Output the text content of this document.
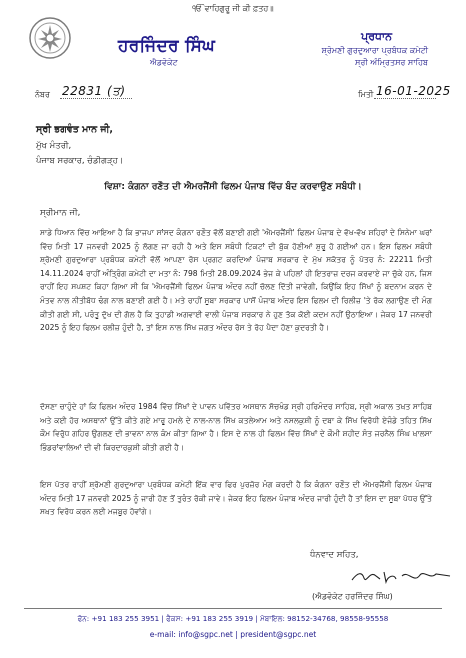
ੴ ਵਾਹਿਗੁਰੂ ਜੀ ਕੀ ਫ਼ਤਹ॥
ਹਰਜਿੰਦਰ ਸਿੰਘ
ਐਡਵੋਕੇਟ
ਪ੍ਰਧਾਨ
ਸ਼੍ਰੋਮਣੀ ਗੁਰਦੁਆਰਾ ਪ੍ਰਬੰਧਕ ਕਮੇਟੀ
ਸ੍ਰੀ ਅੰਮ੍ਰਿਤਸਰ ਸਾਹਿਬ
ਨੰਬਰ 22831 (ਤ)	ਮਿਤੀ 16-01-2025
ਸ੍ਰੀ ਭਗਵੰਤ ਮਾਨ ਜੀ,
ਮੁੱਖ ਮੰਤਰੀ,
ਪੰਜਾਬ ਸਰਕਾਰ, ਚੰਡੀਗੜ੍ਹ।
ਵਿਸ਼ਾ: ਕੰਗਨਾ ਰਣੌਤ ਦੀ ਐਮਰਜੈਂਸੀ ਫਿਲਮ ਪੰਜਾਬ ਵਿੱਚ ਬੰਦ ਕਰਵਾਉਣ ਸਬੰਧੀ।
ਸ੍ਰੀਮਾਨ ਜੀ,
ਸਾਡੇ ਧਿਆਨ ਵਿੱਚ ਆਇਆ ਹੈ ਕਿ ਭਾਜਪਾ ਸਾਂਸਦ ਕੰਗਨਾ ਰਣੌਤ ਵੱਲੋਂ ਬਣਾਈ ਗਈ 'ਐਮਰਜੈਂਸੀ' ਫਿਲਮ ਪੰਜਾਬ ਦੇ ਵੱਖ-ਵੱਖ ਸ਼ਹਿਰਾਂ ਦੇ ਸਿਨੇਮਾ ਘਰਾਂ ਵਿੱਚ ਮਿਤੀ 17 ਜਨਵਰੀ 2025 ਨੂੰ ਲੱਗਣ ਜਾ ਰਹੀ ਹੈ ਅਤੇ ਇਸ ਸਬੰਧੀ ਟਿਕਟਾਂ ਦੀ ਬੁੱਕ ਹੋਣੀਆਂ ਸ਼ੁਰੂ ਹੋ ਗਈਆਂ ਹਨ। ਇਸ ਫਿਲਮ ਸਬੰਧੀ ਸ਼੍ਰੋਮਣੀ ਗੁਰਦੁਆਰਾ ਪ੍ਰਬੰਧਕ ਕਮੇਟੀ ਵੱਲੋਂ ਆਪਣਾ ਰੋਸ ਪ੍ਰਗਟ ਕਰਦਿਆਂ ਪੰਜਾਬ ਸਰਕਾਰ ਦੇ ਮੁੱਖ ਸਕੱਤਰ ਨੂੰ ਪੱਤਰ ਨੰ: 22211 ਮਿਤੀ 14.11.2024 ਰਾਹੀਂ ਅੰਤ੍ਰਿੰਗ ਕਮੇਟੀ ਦਾ ਮਤਾ ਨੰ: 798 ਮਿਤੀ 28.09.2024 ਭੇਜ ਕੇ ਪਹਿਲਾਂ ਹੀ ਇਤਰਾਜ਼ ਦਰਜ ਕਰਵਾਏ ਜਾ ਚੁੱਕੇ ਹਨ, ਜਿਸ ਰਾਹੀਂ ਇਹ ਸਪਸ਼ਟ ਕਿਹਾ ਗਿਆ ਸੀ ਕਿ 'ਐਮਰਜੈਂਸੀ ਫਿਲਮ ਪੰਜਾਬ ਅੰਦਰ ਨਹੀਂ ਚੱਲਣ ਦਿੱਤੀ ਜਾਵੇਗੀ, ਕਿਉਂਕਿ ਇਹ ਸਿੱਖਾਂ ਨੂੰ ਬਦਨਾਮ ਕਰਨ ਦੇ ਮੰਤਵ ਨਾਲ ਨੀਤੀਬੱਧ ਢੰਗ ਨਾਲ ਬਣਾਈ ਗਈ ਹੈ। ਮਤੇ ਰਾਹੀਂ ਸੂਬਾ ਸਰਕਾਰ ਪਾਸੋਂ ਪੰਜਾਬ ਅੰਦਰ ਇਸ ਫਿਲਮ ਦੀ ਰਿਲੀਜ਼ 'ਤੇ ਰੋਕ ਲਗਾਉਣ ਦੀ ਮੰਗ ਕੀਤੀ ਗਈ ਸੀ, ਪਰੰਤੂ ਦੁੱਖ ਦੀ ਗੱਲ ਹੈ ਕਿ ਤੁਹਾਡੀ ਅਗਵਾਈ ਵਾਲੀ ਪੰਜਾਬ ਸਰਕਾਰ ਨੇ ਹੁਣ ਤੱਕ ਕੋਈ ਕਦਮ ਨਹੀਂ ਉਠਾਇਆ। ਜੇਕਰ 17 ਜਨਵਰੀ 2025 ਨੂੰ ਇਹ ਫਿਲਮ ਰਲੀਜ਼ ਹੁੰਦੀ ਹੈ, ਤਾਂ ਇਸ ਨਾਲ ਸਿੱਖ ਜਗਤ ਅੰਦਰ ਰੋਸ ਤੇ ਰੋਹ ਪੈਦਾ ਹੋਣਾ ਕੁਦਰਤੀ ਹੈ।
ਦੱਸਣਾ ਚਾਹੁੰਦੇ ਹਾਂ ਕਿ ਫਿਲਮ ਅੰਦਰ 1984 ਵਿੱਚ ਸਿੱਖਾਂ ਦੇ ਪਾਵਨ ਪਵਿੱਤਰ ਅਸਥਾਨ ਸੱਚਖੰਡ ਸ੍ਰੀ ਹਰਿਮੰਦਰ ਸਾਹਿਬ, ਸ੍ਰੀ ਅਕਾਲ ਤਖ਼ਤ ਸਾਹਿਬ ਅਤੇ ਕਈ ਹੋਰ ਅਸਥਾਨਾਂ ਉੱਤੇ ਕੀਤੇ ਗਏ ਮਾਰੂ ਹਮਲੇ ਦੇ ਨਾਲ-ਨਾਲ ਸਿੱਖ ਕਤਲੇਆਮ ਅਤੇ ਨਸਲਕੁਸ਼ੀ ਨੂੰ ਦਬਾ ਕੇ ਸਿੱਖ ਵਿਰੋਧੀ ਏਜੰਡੇ ਤਹਿਤ ਸਿੱਖ ਕੌਮ ਵਿਰੁੱਧ ਗਹਿਰ ਉਗਲਣ ਦੀ ਭਾਵਨਾ ਨਾਲ ਕੰਮ ਕੀਤਾ ਗਿਆ ਹੈ। ਇਸ ਦੇ ਨਾਲ ਹੀ ਫਿਲਮ ਵਿੱਚ ਸਿੱਖਾਂ ਦੇ ਕੌਮੀ ਸ਼ਹੀਦ ਸੰਤ ਜਰਨੈਲ ਸਿੰਘ ਖ਼ਾਲਸਾ ਭਿੰਡਰਾਂਵਾਲਿਆਂ ਦੀ ਵੀ ਕਿਰਦਾਰਕੁਸ਼ੀ ਕੀਤੀ ਗਈ ਹੈ।
ਇਸ ਪੱਤਰ ਰਾਹੀਂ ਸ਼੍ਰੋਮਣੀ ਗੁਰਦੁਆਰਾ ਪ੍ਰਬੰਧਕ ਕਮੇਟੀ ਇੱਕ ਵਾਰ ਫਿਰ ਪੁਰਜ਼ੋਰ ਮੰਗ ਕਰਦੀ ਹੈ ਕਿ ਕੰਗਨਾ ਰਣੌਤ ਦੀ ਐਮਰਜੈਂਸੀ ਫਿਲਮ ਪੰਜਾਬ ਅੰਦਰ ਮਿਤੀ 17 ਜਨਵਰੀ 2025 ਨੂੰ ਜਾਰੀ ਹੋਣ ਤੋਂ ਤੁਰੰਤ ਰੋਕੀ ਜਾਵੇ। ਜੇਕਰ ਇਹ ਫਿਲਮ ਪੰਜਾਬ ਅੰਦਰ ਜਾਰੀ ਹੁੰਦੀ ਹੈ ਤਾਂ ਇਸ ਦਾ ਸੂਬਾ ਪੱਧਰ ਉੱਤੇ ਸਖ਼ਤ ਵਿਰੋਧ ਕਰਨ ਲਈ ਮਜਬੂਰ ਹੋਵਾਂਗੇ।
ਧੰਨਵਾਦ ਸਹਿਤ,
(ਐਡਵੋਕੇਟ ਹਰਜਿੰਦਰ ਸਿੰਘ)
ਫੋਨ: +91 183 255 3951 | ਫੈਕਸ: +91 183 255 3919 | ਮੋਬਾਇਲ: 98152-34768, 98558-95558
e-mail: info@sgpc.net | president@sgpc.net
